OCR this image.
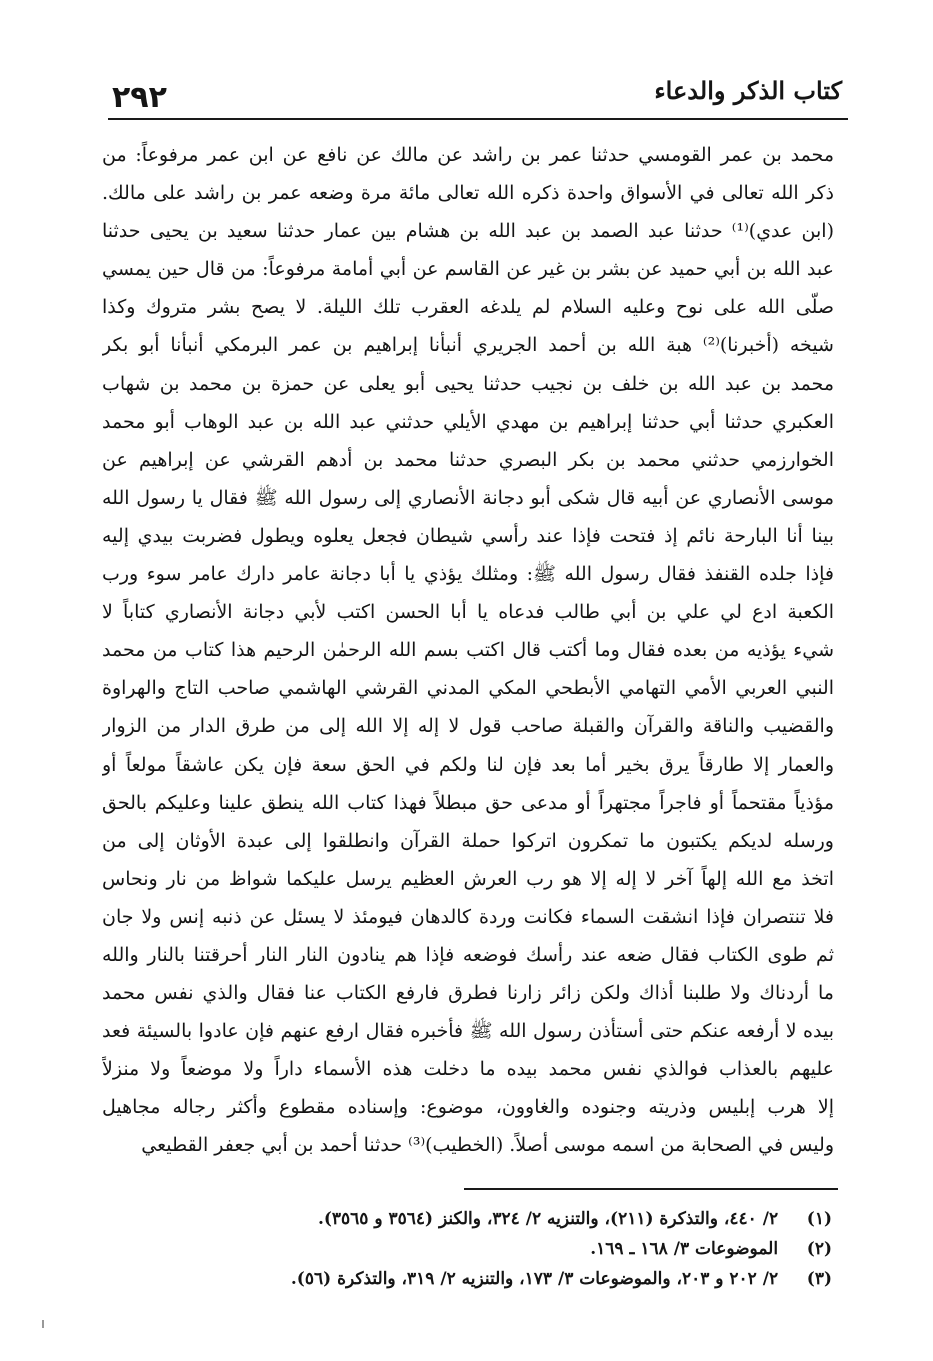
كتاب الذكر والدعاء
٢٩٢
محمد بن عمر القومسي حدثنا عمر بن راشد عن مالك عن نافع عن ابن عمر مرفوعاً: من
ذكر الله تعالى في الأسواق واحدة ذكره الله تعالى مائة مرة وضعه عمر بن راشد على مالك.
(ابن عدي)⁽¹⁾ حدثنا عبد الصمد بن عبد الله بن هشام بين عمار حدثنا سعيد بن يحيى حدثنا
عبد الله بن أبي حميد عن بشر بن غير عن القاسم عن أبي أمامة مرفوعاً: من قال حين يمسي
صلّى الله على نوح وعليه السلام لم يلدغه العقرب تلك الليلة. لا يصح بشر متروك وكذا
شيخه (أخبرنا)⁽²⁾ هبة الله بن أحمد الجريري أنبأنا إبراهيم بن عمر البرمكي أنبأنا أبو بكر
محمد بن عبد الله بن خلف بن نجيب حدثنا يحيى أبو يعلى عن حمزة بن محمد بن شهاب
العكبري حدثنا أبي حدثنا إبراهيم بن مهدي الأيلي حدثني عبد الله بن عبد الوهاب أبو محمد
الخوارزمي حدثني محمد بن بكر البصري حدثنا محمد بن أدهم القرشي عن إبراهيم عن
موسى الأنصاري عن أبيه قال شكى أبو دجانة الأنصاري إلى رسول الله ﷺ فقال يا رسول الله
بينا أنا البارحة نائم إذ فتحت فإذا عند رأسي شيطان فجعل يعلوه ويطول فضربت بيدي إليه
فإذا جلده القنفذ فقال رسول الله ﷺ: ومثلك يؤذي يا أبا دجانة عامر دارك عامر سوء ورب
الكعبة ادع لي علي بن أبي طالب فدعاه يا أبا الحسن اكتب لأبي دجانة الأنصاري كتاباً لا
شيء يؤذيه من بعده فقال وما أكتب قال اكتب بسم الله الرحمٰن الرحيم هذا كتاب من محمد
النبي العربي الأمي التهامي الأبطحي المكي المدني القرشي الهاشمي صاحب التاج والهراوة
والقضيب والناقة والقرآن والقبلة صاحب قول لا إله إلا الله إلى من طرق الدار من الزوار
والعمار إلا طارقاً يرق بخير أما بعد فإن لنا ولكم في الحق سعة فإن يكن عاشقاً مولعاً أو
مؤذياً مقتحماً أو فاجراً مجتهراً أو مدعى حق مبطلاً فهذا كتاب الله ينطق علينا وعليكم بالحق
ورسله لديكم يكتبون ما تمكرون اتركوا حملة القرآن وانطلقوا إلى عبدة الأوثان إلى من
اتخذ مع الله إلهاً آخر لا إله إلا هو رب العرش العظيم يرسل عليكما شواظ من نار ونحاس
فلا تنتصران فإذا انشقت السماء فكانت وردة كالدهان فيومئذ لا يسئل عن ذنبه إنس ولا جان
ثم طوى الكتاب فقال ضعه عند رأسك فوضعه فإذا هم ينادون النار النار أحرقتنا بالنار والله
ما أردناك ولا طلبنا أذاك ولكن زائر زارنا فطرق فارفع الكتاب عنا فقال والذي نفس محمد
بيده لا أرفعه عنكم حتى أستأذن رسول الله ﷺ فأخبره فقال ارفع عنهم فإن عادوا بالسيئة فعد
عليهم بالعذاب فوالذي نفس محمد بيده ما دخلت هذه الأسماء داراً ولا موضعاً ولا منزلاً
إلا هرب إبليس وذريته وجنوده والغاوون، موضوع: وإسناده مقطوع وأكثر رجاله مجاهيل
وليس في الصحابة من اسمه موسى أصلاً. (الخطيب)⁽³⁾ حدثنا أحمد بن أبي جعفر القطيعي
(١) ٢/ ٤٤٠، والتذكرة (٢١١)، والتنزيه ٢/ ٣٢٤، والكنز (٣٥٦٤ و ٣٥٦٥).
(٢) الموضوعات ٣/ ١٦٨ ـ ١٦٩.
(٣) ٢/ ٢٠٢ و ٢٠٣، والموضوعات ٣/ ١٧٣، والتنزيه ٢/ ٣١٩، والتذكرة (٥٦).
